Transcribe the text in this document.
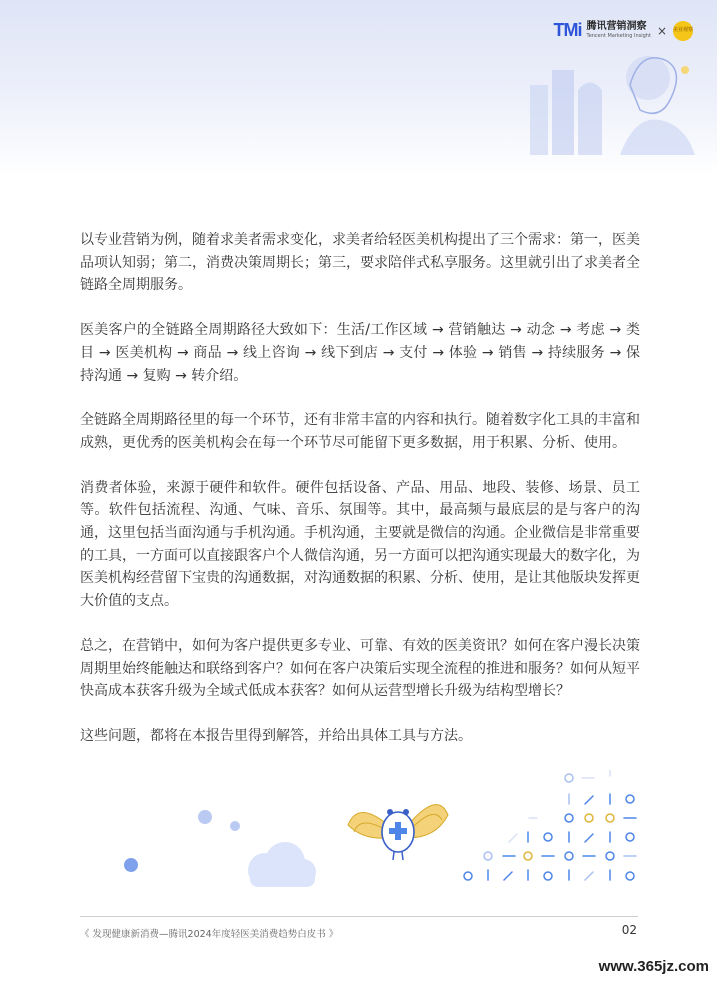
TMi 腾讯营销洞察
Tencent Marketing Insight × 美业观察

以专业营销为例，随着求美者需求变化，求美者给轻医美机构提出了三个需求：第一，医美品项认知弱；第二，消费决策周期长；第三，要求陪伴式私享服务。这里就引出了求美者全链路全周期服务。

医美客户的全链路全周期路径大致如下：生活/工作区域 → 营销触达 → 动念 → 考虑 → 类目 → 医美机构 → 商品 → 线上咨询 → 线下到店 → 支付 → 体验 → 销售 → 持续服务 → 保持沟通 → 复购 → 转介绍。

全链路全周期路径里的每一个环节，还有非常丰富的内容和执行。随着数字化工具的丰富和成熟，更优秀的医美机构会在每一个环节尽可能留下更多数据，用于积累、分析、使用。

消费者体验，来源于硬件和软件。硬件包括设备、产品、用品、地段、装修、场景、员工等。软件包括流程、沟通、气味、音乐、氛围等。其中，最高频与最底层的是与客户的沟通，这里包括当面沟通与手机沟通。手机沟通，主要就是微信的沟通。企业微信是非常重要的工具，一方面可以直接跟客户个人微信沟通，另一方面可以把沟通实现最大的数字化，为医美机构经营留下宝贵的沟通数据，对沟通数据的积累、分析、使用，是让其他版块发挥更大价值的支点。

总之，在营销中，如何为客户提供更多专业、可靠、有效的医美资讯？如何在客户漫长决策周期里始终能触达和联络到客户？如何在客户决策后实现全流程的推进和服务？如何从短平快高成本获客升级为全域式低成本获客？如何从运营型增长升级为结构型增长？

这些问题，都将在本报告里得到解答，并给出具体工具与方法。

《 发现健康新消费—腾讯2024年度轻医美消费趋势白皮书 》	02
www.365jz.com
